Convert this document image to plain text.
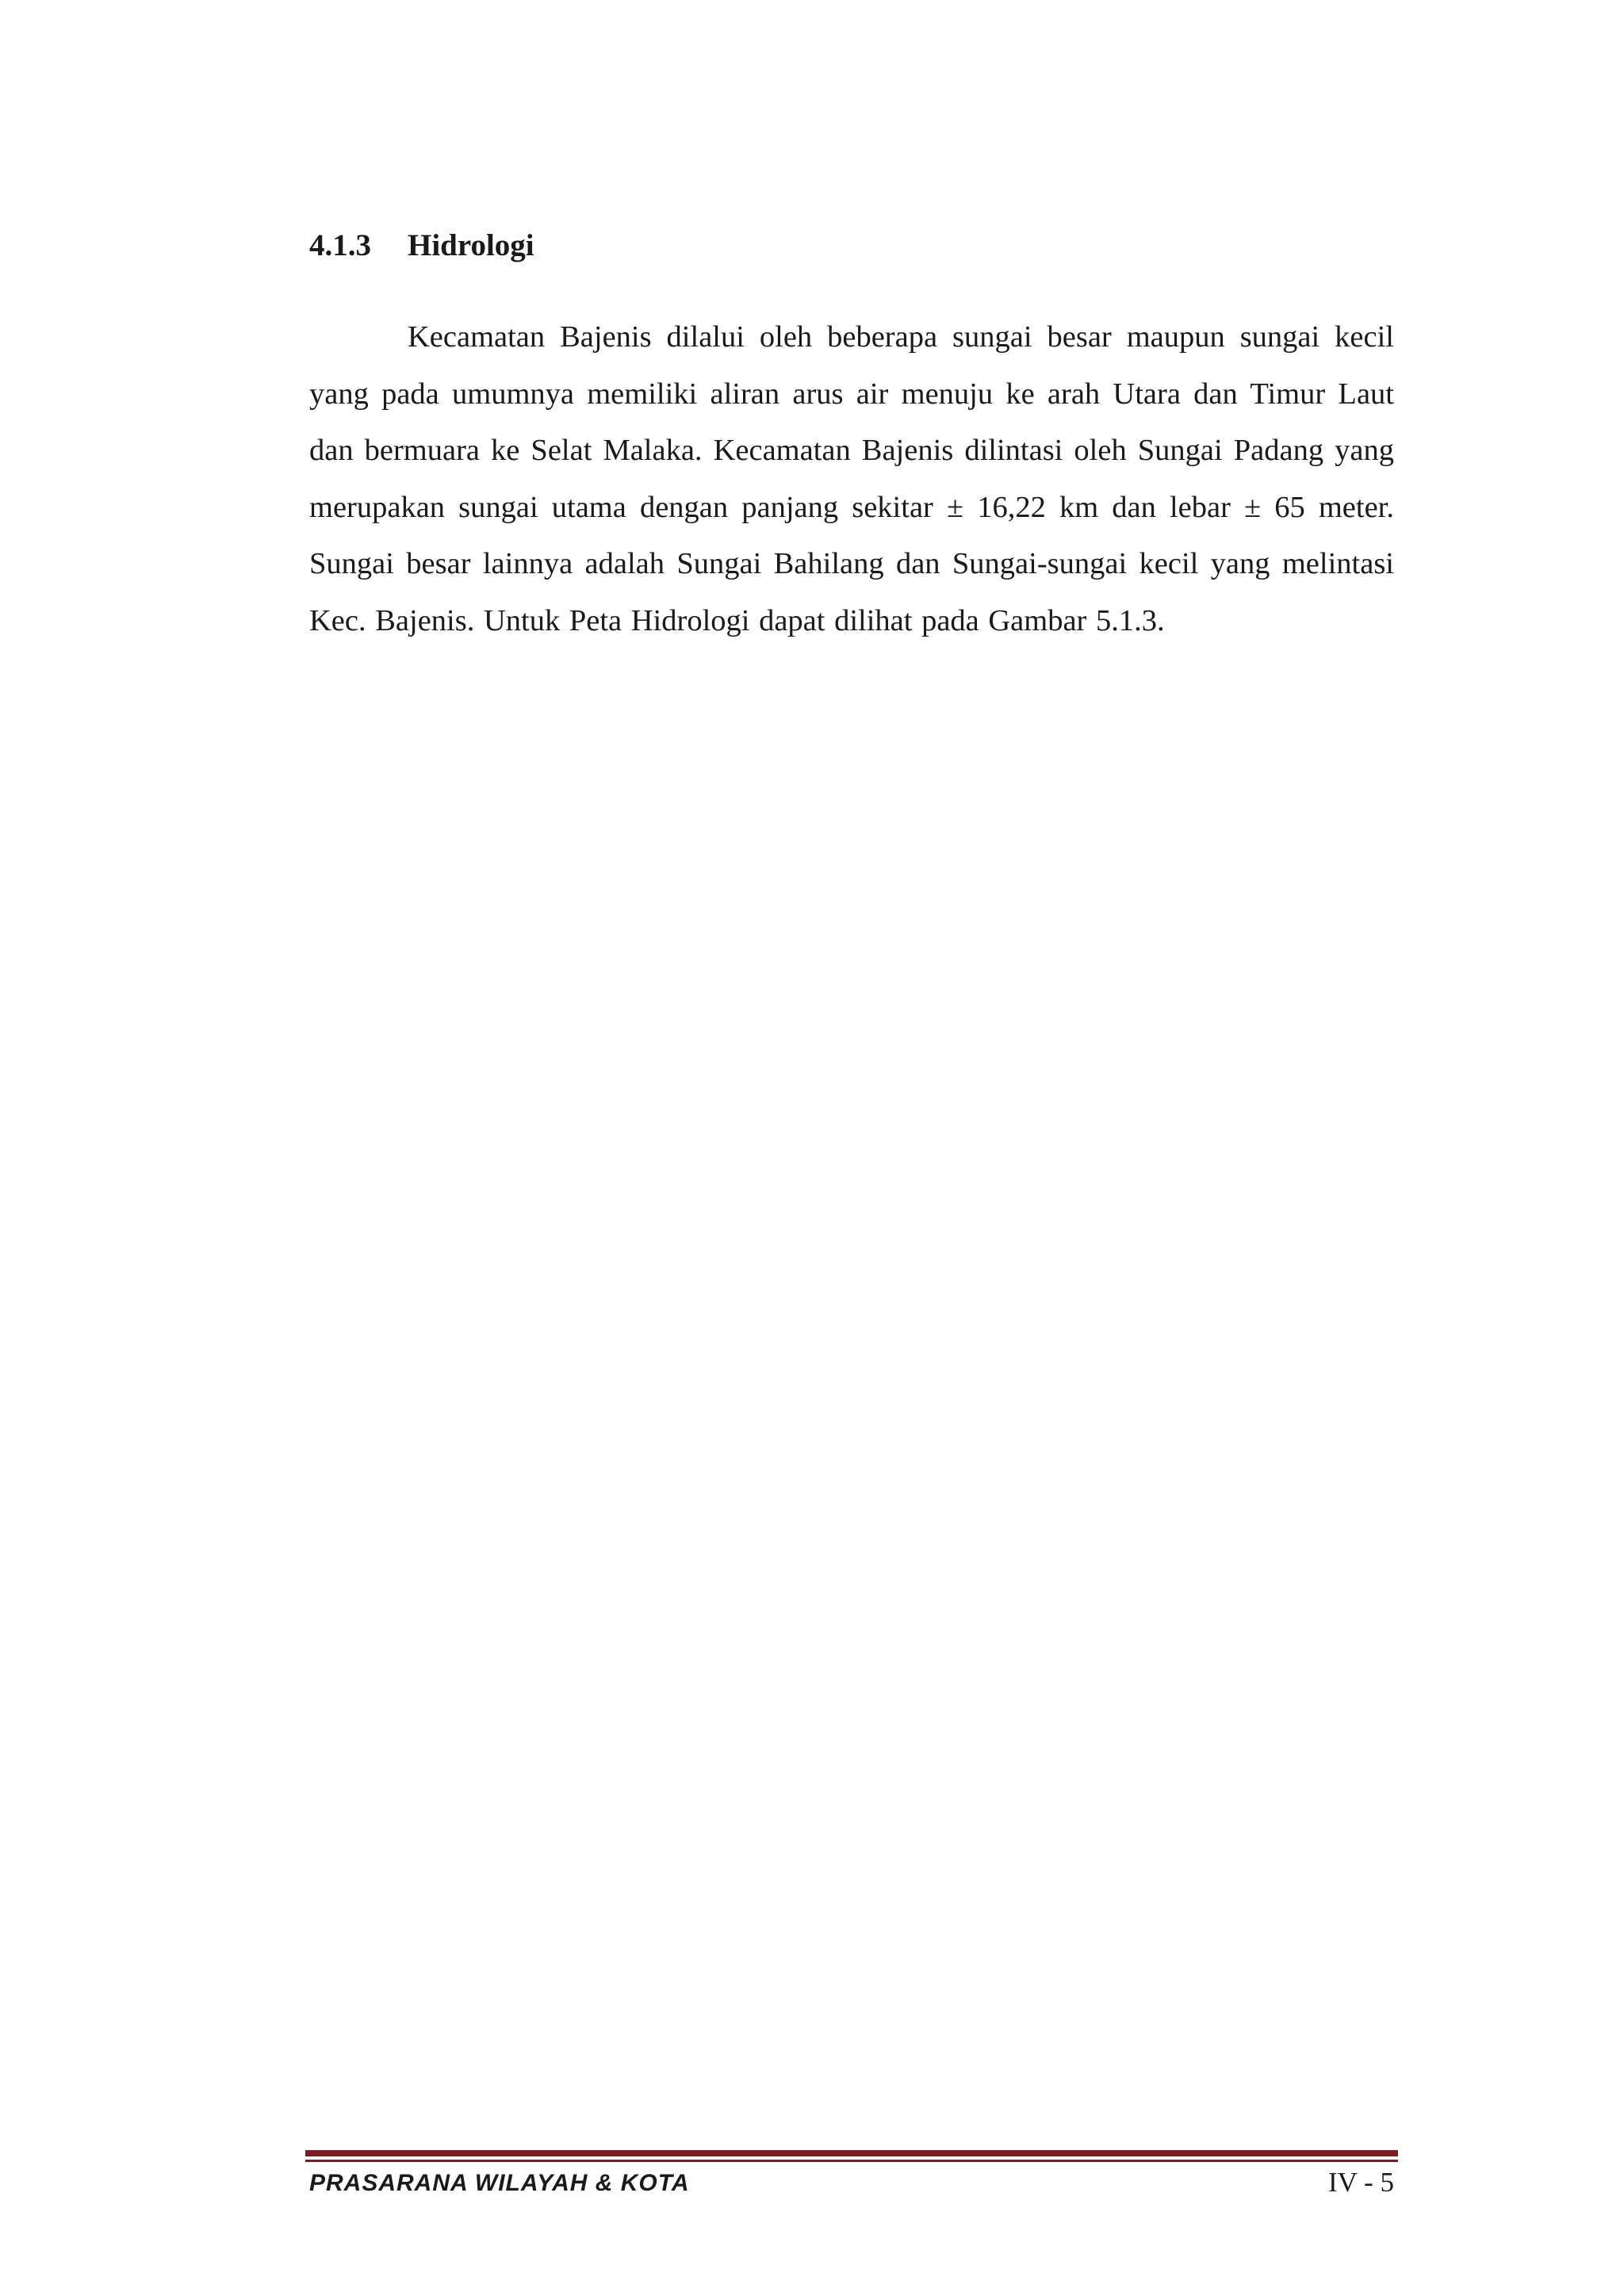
4.1.3 Hidrologi

Kecamatan Bajenis dilalui oleh beberapa sungai besar maupun sungai kecil yang pada umumnya memiliki aliran arus air menuju ke arah Utara dan Timur Laut dan bermuara ke Selat Malaka. Kecamatan Bajenis dilintasi oleh Sungai Padang yang merupakan sungai utama dengan panjang sekitar ± 16,22 km dan lebar ± 65 meter. Sungai besar lainnya adalah Sungai Bahilang dan Sungai-sungai kecil yang melintasi Kec. Bajenis. Untuk Peta Hidrologi dapat dilihat pada Gambar 5.1.3.

PRASARANA WILAYAH & KOTA	IV - 5
